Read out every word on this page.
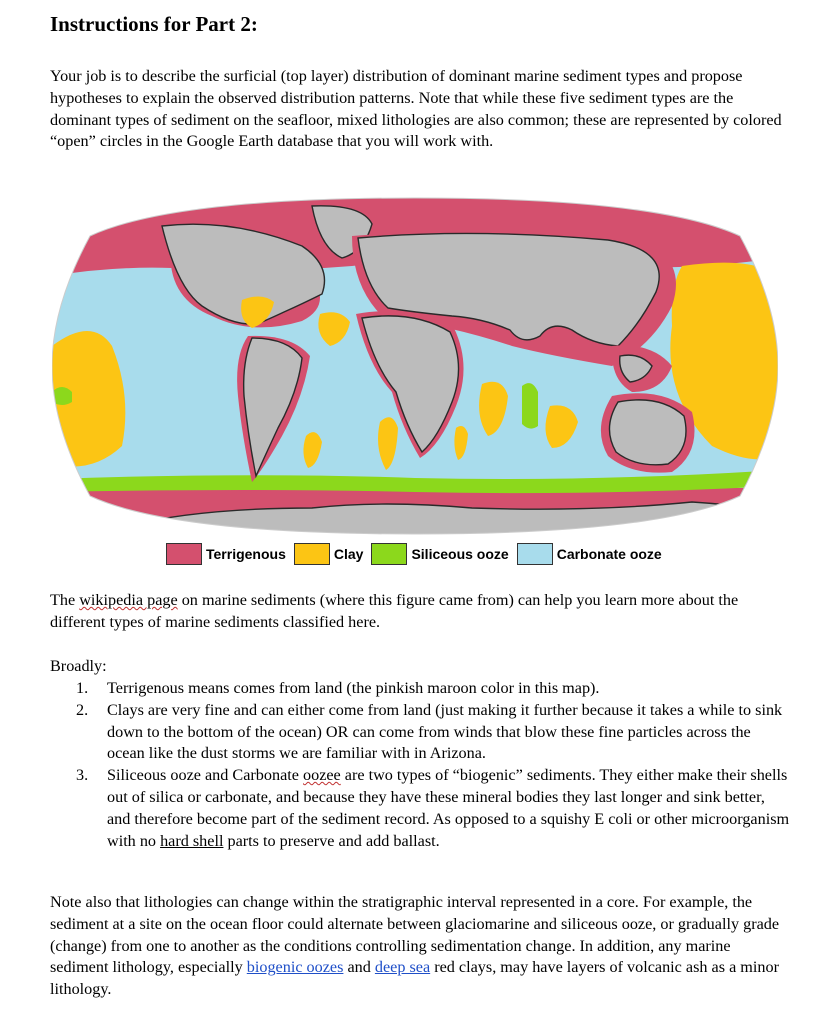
Instructions for Part 2:

Your job is to describe the surficial (top layer) distribution of dominant marine sediment types and propose hypotheses to explain the observed distribution patterns. Note that while these five sediment types are the dominant types of sediment on the seafloor, mixed lithologies are also common; these are represented by colored “open” circles in the Google Earth database that you will work with.

Terrigenous	Clay	Siliceous ooze	Carbonate ooze

The wikipedia page on marine sediments (where this figure came from) can help you learn more about the different types of marine sediments classified here.

Broadly:

1. Terrigenous means comes from land (the pinkish maroon color in this map).
2. Clays are very fine and can either come from land (just making it further because it takes a while to sink down to the bottom of the ocean) OR can come from winds that blow these fine particles across the ocean like the dust storms we are familiar with in Arizona.
3. Siliceous ooze and Carbonate oozee are two types of “biogenic” sediments. They either make their shells out of silica or carbonate, and because they have these mineral bodies they last longer and sink better, and therefore become part of the sediment record. As opposed to a squishy E coli or other microorganism with no hard shell parts to preserve and add ballast.

Note also that lithologies can change within the stratigraphic interval represented in a core. For example, the sediment at a site on the ocean floor could alternate between glaciomarine and siliceous ooze, or gradually grade (change) from one to another as the conditions controlling sedimentation change. In addition, any marine sediment lithology, especially biogenic oozes and deep sea red clays, may have layers of volcanic ash as a minor lithology.
